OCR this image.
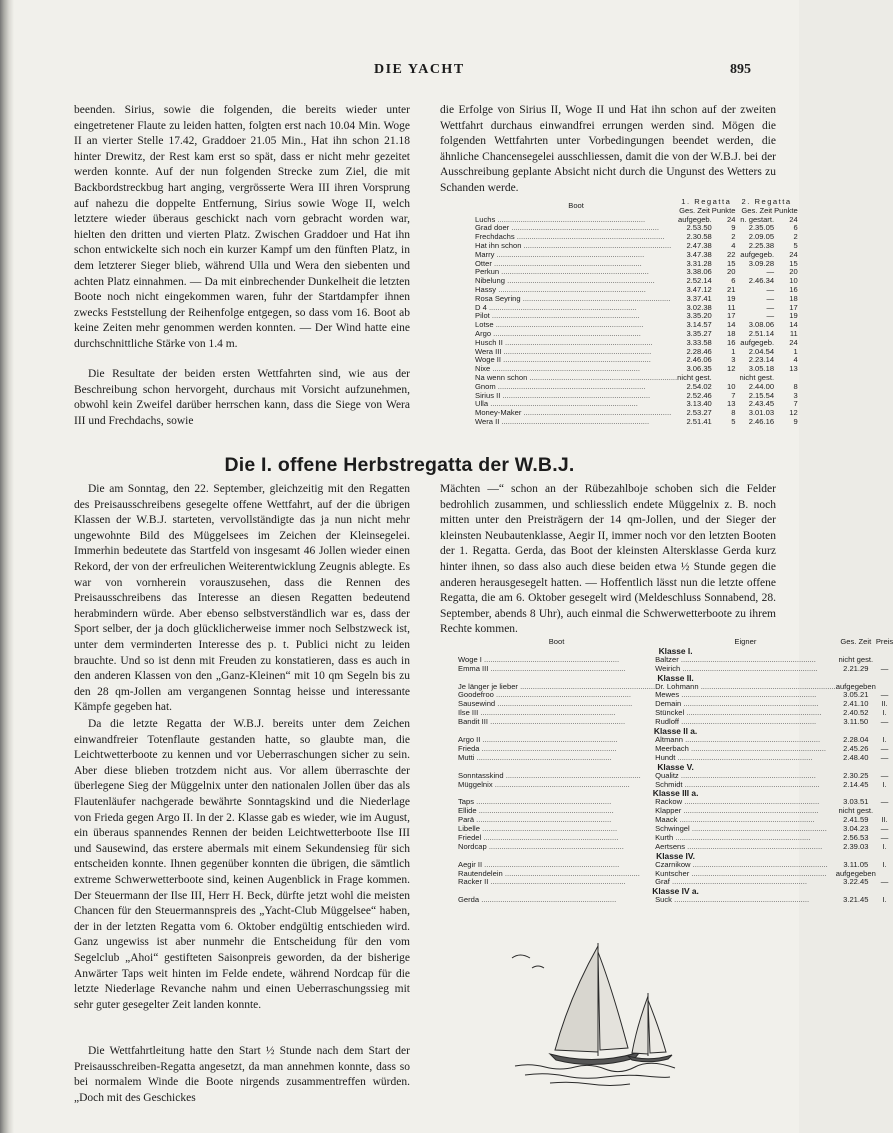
DIE YACHT	895

beenden. Sirius, sowie die folgenden, die bereits wieder unter eingetretener Flaute zu leiden hatten, folgten erst nach 10.04 Min. Woge II an vierter Stelle 17.42, Graddoer 21.05 Min., Hat ihn schon 21.18 hinter Drewitz, der Rest kam erst so spät, dass er nicht mehr gezeitet werden konnte. Auf der nun folgenden Strecke zum Ziel, die mit Backbordstreckbug hart anging, vergrösserte Wera III ihren Vorsprung auf nahezu die doppelte Entfernung, Sirius sowie Woge II, welch letztere wieder überaus geschickt nach vorn gebracht worden war, hielten den dritten und vierten Platz. Zwischen Graddoer und Hat ihn schon entwickelte sich noch ein kurzer Kampf um den fünften Platz, in dem letzterer Sieger blieb, während Ulla und Wera den siebenten und achten Platz einnahmen. — Da mit einbrechender Dunkelheit die letzten Boote noch nicht eingekommen waren, fuhr der Startdampfer ihnen zwecks Feststellung der Reihenfolge entgegen, so dass vom 16. Boot ab keine Zeiten mehr genommen werden konnten. — Der Wind hatte eine durchschnittliche Stärke von 1.4 m.

Die Resultate der beiden ersten Wettfahrten sind, wie aus der Beschreibung schon hervorgeht, durchaus mit Vorsicht aufzunehmen, obwohl kein Zweifel darüber herrschen kann, dass die Siege von Wera III und Frechdachs, sowie

die Erfolge von Sirius II, Woge II und Hat ihn schon auf der zweiten Wettfahrt durchaus einwandfrei errungen werden sind. Mögen die folgenden Wettfahrten unter Vorbedingungen beendet werden, die ähnliche Chancensegelei ausschliessen, damit die von der W.B.J. bei der Ausschreibung geplante Absicht nicht durch die Ungunst des Wetters zu Schanden werde.

Boot	1. Regatta		2. Regatta	
	Ges. Zeit	Punkte	Ges. Zeit	Punkte
Luchs .....	aufgegeb.	24	n. gestart.	24
Grad doer .....	2.53.50	9	2.35.05	6
Frechdachs .....	2.30.58	2	2.09.05	2
Hat ihn schon .....	2.47.38	4	2.25.38	5
Marry .....	3.47.38	22	aufgegeb.	24
Otter .....	3.31.28	15	3.09.28	15
Perkun .....	3.38.06	20	—	20
Nibelung .....	2.52.14	6	2.46.34	10
Hassy .....	3.47.12	21	—	16
Rosa Seyring .....	3.37.41	19	—	18
D 4 .....	3.02.38	11	—	17
Pilot .....	3.35.20	17	—	19
Lotse .....	3.14.57	14	3.08.06	14
Argo .....	3.35.27	18	2.51.14	11
Husch II .....	3.33.58	16	aufgegeb.	24
Wera III .....	2.28.46	1	2.04.54	1
Woge II .....	2.46.06	3	2.23.14	4
Nixe .....	3.06.35	12	3.05.18	13
Na wenn schon .....	nicht gest.		nicht gest.	
Gnom .....	2.54.02	10	2.44.00	8
Sirius II .....	2.52.46	7	2.15.54	3
Ulla .....	3.13.40	13	2.43.45	7
Money-Maker .....	2.53.27	8	3.01.03	12
Wera II .....	2.51.41	5	2.46.16	9
Die I. offene Herbstregatta der W.B.J.

Die am Sonntag, den 22. September, gleichzeitig mit den Regatten des Preisausschreibens gesegelte offene Wettfahrt, auf der die übrigen Klassen der W.B.J. starteten, vervollständigte das ja nun nicht mehr ungewohnte Bild des Müggelsees im Zeichen der Kleinsegelei. Immerhin bedeutete das Startfeld von insgesamt 46 Jollen wieder einen Rekord, der von der erfreulichen Weiterentwicklung Zeugnis ablegte. Es war von vornherein vorauszusehen, dass die Rennen des Preisausschreibens das Interesse an diesen Regatten bedeutend herabmindern würde. Aber ebenso selbstverständlich war es, dass der Sport selber, der ja doch glücklicherweise immer noch Selbstzweck ist, unter dem verminderten Interesse des p. t. Publici nicht zu leiden brauchte. Und so ist denn mit Freuden zu konstatieren, dass es auch in den anderen Klassen von den „Ganz-Kleinen“ mit 10 qm Segeln bis zu den 28 qm-Jollen am vergangenen Sonntag heisse und interessante Kämpfe gegeben hat.

Da die letzte Regatta der W.B.J. bereits unter dem Zeichen einwandfreier Totenflaute gestanden hatte, so glaubte man, die Leichtwetterboote zu kennen und vor Ueberraschungen sicher zu sein. Aber diese blieben trotzdem nicht aus. Vor allem überraschte der überlegene Sieg der Müggelnix unter den nationalen Jollen über das als Flautenläufer nachgerade bewährte Sonntagskind und die Niederlage von Frieda gegen Argo II. In der 2. Klasse gab es wieder, wie im August, ein überaus spannendes Rennen der beiden Leichtwetterboote Ilse III und Sausewind, das erstere abermals mit einem Sekundensieg für sich entscheiden konnte. Ihnen gegenüber konnten die übrigen, die sämtlich extreme Schwerwetterboote sind, keinen Augenblick in Frage kommen. Der Steuermann der Ilse III, Herr H. Beck, dürfte jetzt wohl die meisten Chancen für den Steuermannspreis des „Yacht-Club Müggelsee“ haben, der in der letzten Regatta vom 6. Oktober endgültig entschieden wird. Ganz ungewiss ist aber nunmehr die Entscheidung für den vom Segelclub „Ahoi“ gestifteten Saisonpreis geworden, da der bisherige Anwärter Taps weit hinten im Felde endete, während Nordcap für die letzte Niederlage Revanche nahm und einen Ueberraschungssieg mit sehr guter gesegelter Zeit landen konnte.

Die Wettfahrtleitung hatte den Start ½ Stunde nach dem Start der Preisausschreiben-Regatta angesetzt, da man annehmen konnte, dass so bei normalem Winde die Boote nirgends zusammentreffen würden. „Doch mit des Geschickes

Mächten —“ schon an der Rübezahlboje schoben sich die Felder bedrohlich zusammen, und schliesslich endete Müggelnix z. B. noch mitten unter den Preisträgern der 14 qm-Jollen, und der Sieger der kleinsten Neubautenklasse, Aegir II, immer noch vor den letzten Booten der 1. Regatta. Gerda, das Boot der kleinsten Altersklasse Gerda kurz hinter ihnen, so dass also auch diese beiden etwa ½ Stunde gegen die anderen herausgesegelt hatten. — Hoffentlich lässt nun die letzte offene Regatta, die am 6. Oktober gesegelt wird (Meldeschluss Sonnabend, 28. September, abends 8 Uhr), auch einmal die Schwerwetterboote zu ihrem Rechte kommen.

Boot	Eigner	Ges. Zeit	Preis
Klasse I.			
Woge I .....	Baltzer .....	nicht gest.	
Emma III .....	Weirich .....	2.21.29	—
Klasse II.			
Je länger je lieber .....	Dr. Lohmann .....	aufgegeben	
Goodefroo .....	Mewes .....	3.05.21	—
Sausewind .....	Demain .....	2.41.10	II.
Ilse III .....	Stünckel .....	2.40.52	I.
Bandit III .....	Rudloff .....	3.11.50	—
Klasse II a.			
Argo II .....	Altmann .....	2.28.04	I.
Frieda .....	Meerbach .....	2.45.26	—
Mutti .....	Hundt .....	2.48.40	—
Klasse V.			
Sonntasskind .....	Qualitz .....	2.30.25	—
Müggelnix .....	Schmidt .....	2.14.45	I.
Klasse III a.			
Taps .....	Rackow .....	3.03.51	—
Ellide .....	Klapper .....	nicht gest.	
Parä .....	Maack .....	2.41.59	II.
Libelle .....	Schwingel .....	3.04.23	—
Friedel .....	Kurth .....	2.56.53	—
Nordcap .....	Aertsens .....	2.39.03	I.
Klasse IV.			
Aegir II .....	Czarnikow .....	3.11.05	I.
Rautendelein .....	Kuntscher .....	aufgegeben	
Racker II .....	Graf .....	3.22.45	—
Klasse IV a.			
Gerda .....	Suck .....	3.21.45	I.
